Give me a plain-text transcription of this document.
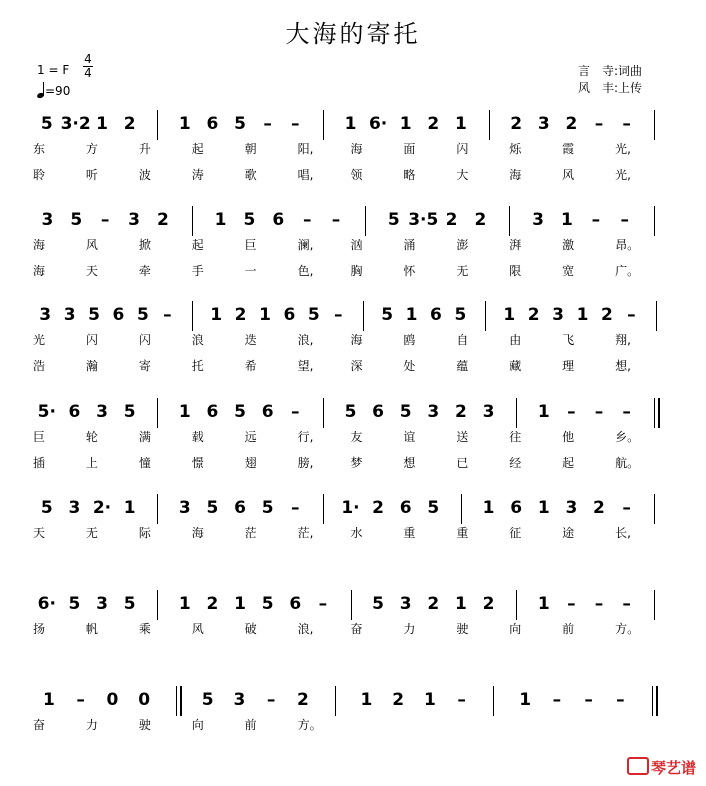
大海的寄托
1 = F $\frac{4}{4}$
=90
言　寺:词曲
风　丰:上传
5 3·2 1 2	1 6 5	–	–	1 6· 1 2 1	2 3 2	–	–
东	方	升	起	朝	阳,	海	面	闪	烁	霞	光,
聆	听	波	涛	歌	唱,	领	略	大	海	风	光,
3	5	–	3	2	1	5	6	–	–	5 3·5 2	2	3	1	–	–
海	风	掀	起	巨	澜,	汹	涌	澎	湃	激	昂。
海	天	牵	手	一	色,	胸	怀	无	限	宽	广。
3 3 5 6 5 –	1 2 1 6 5 –	5 1 6 5	1 2 3 1 2 –
光	闪	闪	浪	迭	浪,	海	鸥	自	由	飞	翔,
浩	瀚	寄	托	希	望,	深	处	蕴	藏	理	想,
5· 6 3 5	1 6 5 6	–	5 6 5 3 2 3	1	–	–	–
巨	轮	满	载	远	行,	友	谊	送	往	他	乡。
插	上	憧	憬	翅	膀,	梦	想	已	经	起	航。
5 3 2· 1	3 5 6 5	–	1· 2 6 5	1 6 1 3 2	–
天	无	际	海	茫	茫,	水	重	重	征	途	长,
6· 5 3 5	1 2 1 5 6	–	5 3 2 1 2	1	–	–	–
扬	帆	乘	风	破	浪,	奋	力	驶	向	前	方。
1	–	0	0	5	3	–	2	1	2	1	–	1	–	–	–
奋	力	驶	向	前	方。
琴艺谱
